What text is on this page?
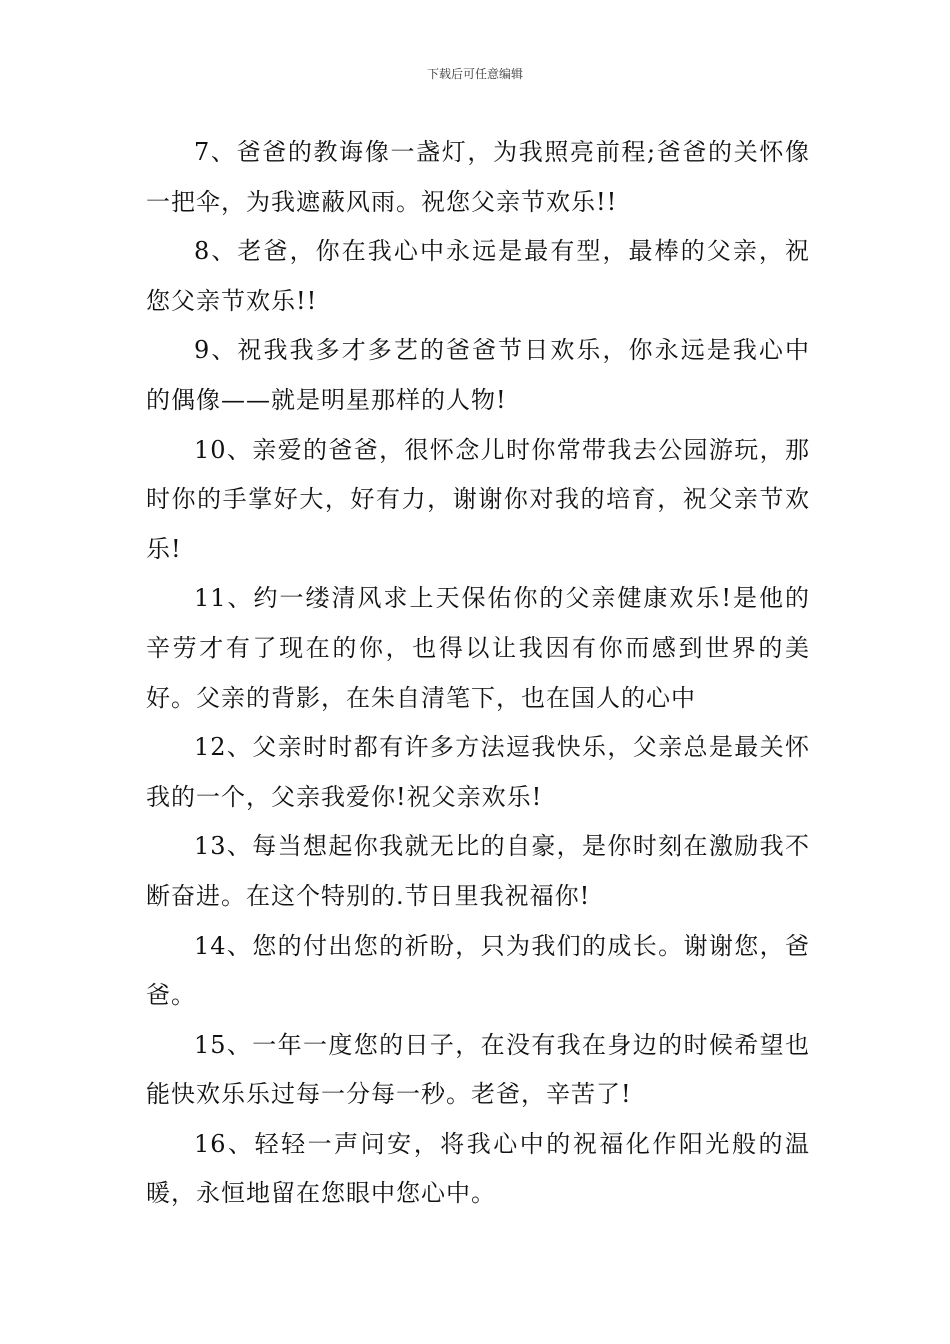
下载后可任意编辑

7、爸爸的教诲像一盏灯，为我照亮前程;爸爸的关怀像一把伞，为我遮蔽风雨。祝您父亲节欢乐!!

8、老爸，你在我心中永远是最有型，最棒的父亲，祝您父亲节欢乐!!

9、祝我我多才多艺的爸爸节日欢乐，你永远是我心中的偶像——就是明星那样的人物!

10、亲爱的爸爸，很怀念儿时你常带我去公园游玩，那时你的手掌好大，好有力，谢谢你对我的培育，祝父亲节欢乐!

11、约一缕清风求上天保佑你的父亲健康欢乐!是他的辛劳才有了现在的你，也得以让我因有你而感到世界的美好。父亲的背影，在朱自清笔下，也在国人的心中

12、父亲时时都有许多方法逗我快乐，父亲总是最关怀我的一个，父亲我爱你!祝父亲欢乐!

13、每当想起你我就无比的自豪，是你时刻在激励我不断奋进。在这个特别的.节日里我祝福你!

14、您的付出您的祈盼，只为我们的成长。谢谢您，爸爸。

15、一年一度您的日子，在没有我在身边的时候希望也能快欢乐乐过每一分每一秒。老爸，辛苦了!

16、轻轻一声问安，将我心中的祝福化作阳光般的温暖，永恒地留在您眼中您心中。
